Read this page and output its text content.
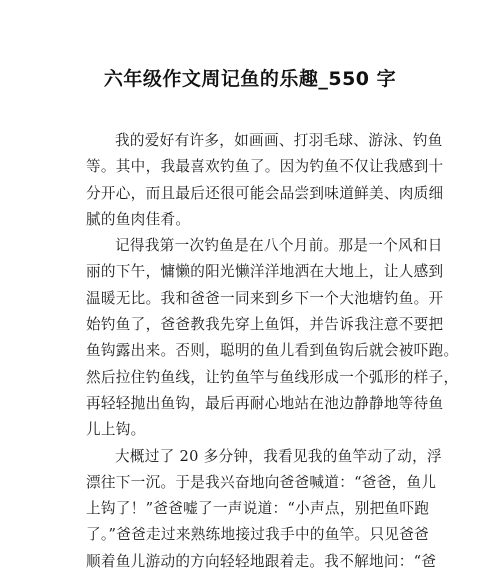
六年级作文周记鱼的乐趣_550 字
我的爱好有许多，如画画、打羽毛球、游泳、钓鱼
等。其中，我最喜欢钓鱼了。因为钓鱼不仅让我感到十
分开心，而且最后还很可能会品尝到味道鲜美、肉质细
腻的鱼肉佳肴。
记得我第一次钓鱼是在八个月前。那是一个风和日
丽的下午，慵懒的阳光懒洋洋地洒在大地上，让人感到
温暖无比。我和爸爸一同来到乡下一个大池塘钓鱼。开
始钓鱼了，爸爸教我先穿上鱼饵，并告诉我注意不要把
鱼钩露出来。否则，聪明的鱼儿看到鱼钩后就会被吓跑。
然后拉住钓鱼线，让钓鱼竿与鱼线形成一个弧形的样子，
再轻轻抛出鱼钩，最后再耐心地站在池边静静地等待鱼
儿上钩。
大概过了 20 多分钟，我看见我的鱼竿动了动，浮
漂往下一沉。于是我兴奋地向爸爸喊道：“爸爸，鱼儿
上钩了！”爸爸嘘了一声说道：“小声点，别把鱼吓跑
了。”爸爸走过来熟练地接过我手中的鱼竿。只见爸爸
顺着鱼儿游动的方向轻轻地跟着走。我不解地问：“爸
